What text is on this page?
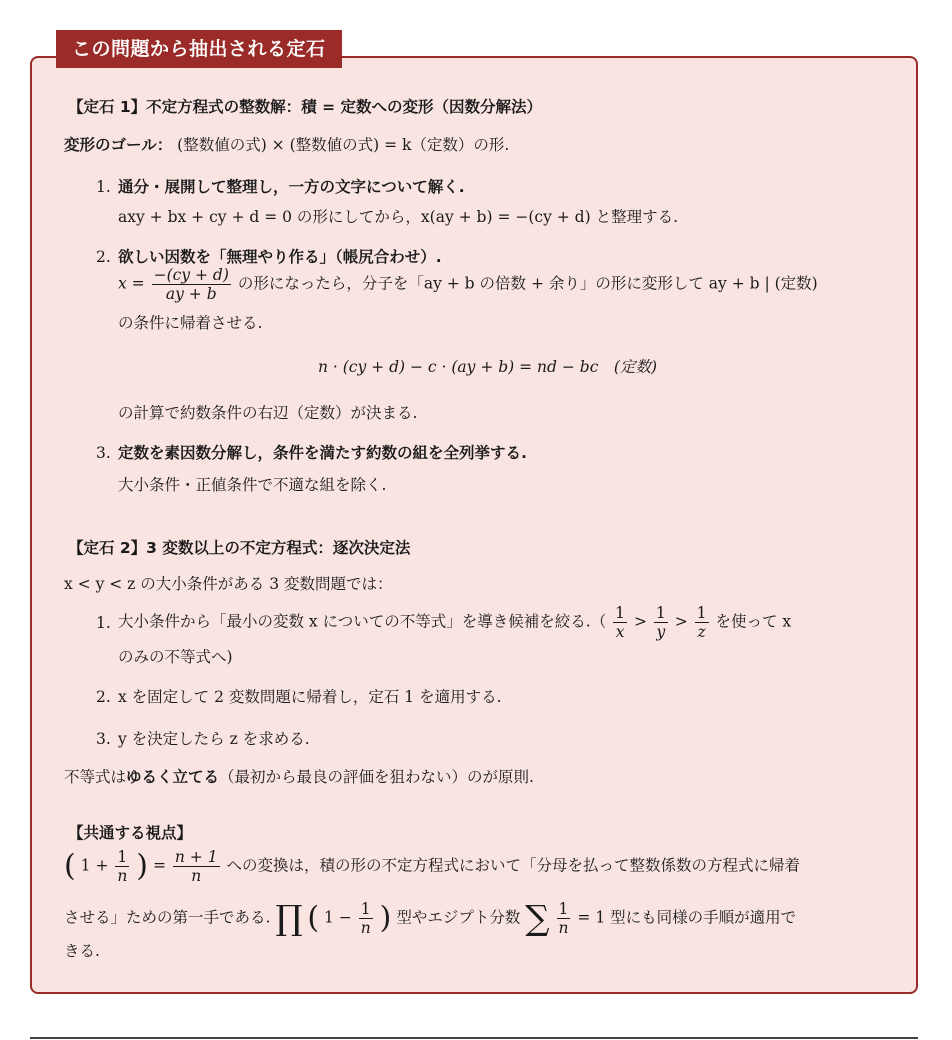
この問題から抽出される定石
【定石 1】不定方程式の整数解：積 = 定数への変形（因数分解法）
変形のゴール： (整数値の式) × (整数値の式) = k（定数）の形.
1. 通分・展開して整理し，一方の文字について解く.
axy + bx + cy + d = 0 の形にしてから，x(ay + b) = −(cy + d) と整理する.
2. 欲しい因数を「無理やり作る」（帳尻合わせ）.
$x = \frac{-(cy + d)}{ay + b}$ の形になったら，分子を「ay + b の倍数 + 余り」の形に変形して ay + b | (定数)
の条件に帰着させる.
n · (cy + d) − c · (ay + b) = nd − bc　(定数)
の計算で約数条件の右辺（定数）が決まる.
3. 定数を素因数分解し，条件を満たす約数の組を全列挙する.
大小条件・正値条件で不適な組を除く.
【定石 2】3 変数以上の不定方程式：逐次決定法
x < y < z の大小条件がある 3 変数問題では：
1. 大小条件から「最小の変数 x についての不等式」を導き候補を絞る.（ $\frac{1}{x} > \frac{1}{y} > \frac{1}{z}$ を使って x
のみの不等式へ)
2. x を固定して 2 変数問題に帰着し，定石 1 を適用する.
3. y を決定したら z を求める.
不等式はゆるく立てる（最初から最良の評価を狙わない）のが原則.
【共通する視点】
( $1 + \frac{1}{n}$ ) = $\frac{n + 1}{n}$ への変換は，積の形の不定方程式において「分母を払って整数係数の方程式に帰着
させる」ための第一手である. ∏ ( $1 - \frac{1}{n}$ ) 型やエジプト分数 ∑ $\frac{1}{n} = 1$ 型にも同様の手順が適用で
きる.
